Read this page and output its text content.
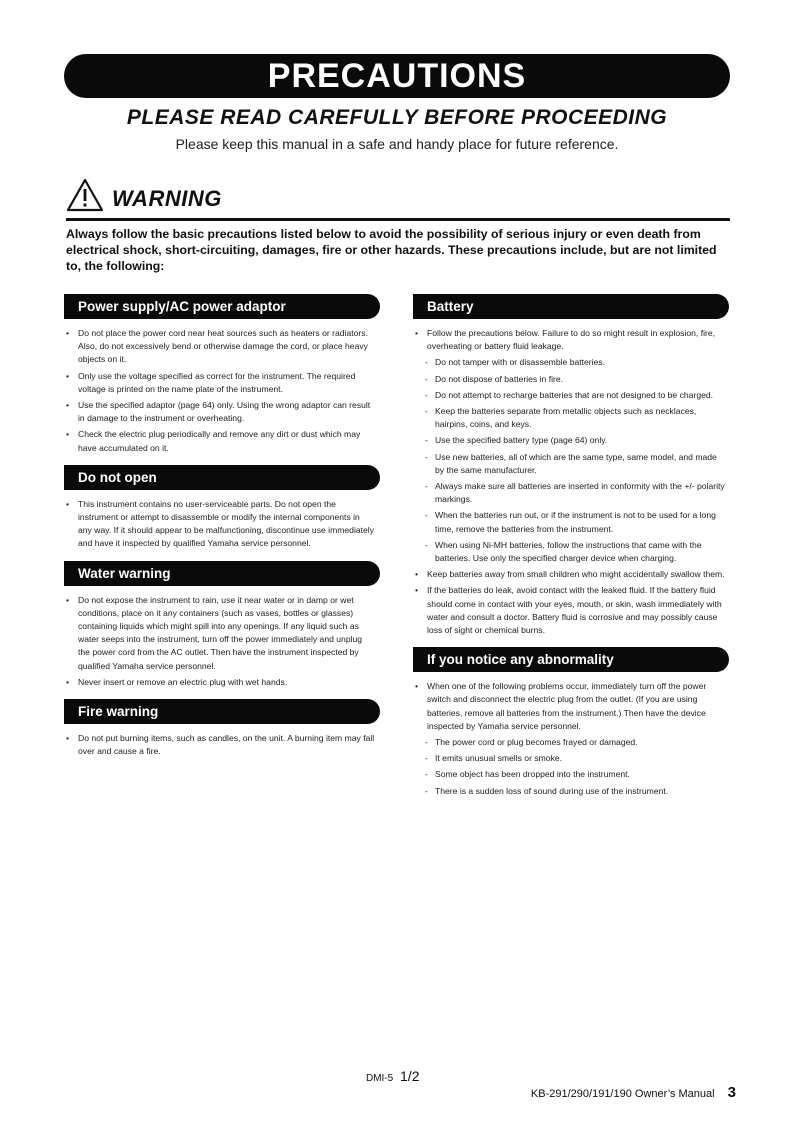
PRECAUTIONS
PLEASE READ CAREFULLY BEFORE PROCEEDING
Please keep this manual in a safe and handy place for future reference.
WARNING
Always follow the basic precautions listed below to avoid the possibility of serious injury or even death from electrical shock, short-circuiting, damages, fire or other hazards. These precautions include, but are not limited to, the following:
Power supply/AC power adaptor
• Do not place the power cord near heat sources such as heaters or radiators. Also, do not excessively bend or otherwise damage the cord, or place heavy objects on it.
• Only use the voltage specified as correct for the instrument. The required voltage is printed on the name plate of the instrument.
• Use the specified adaptor (page 64) only. Using the wrong adaptor can result in damage to the instrument or overheating.
• Check the electric plug periodically and remove any dirt or dust which may have accumulated on it.
Do not open
• This instrument contains no user-serviceable parts. Do not open the instrument or attempt to disassemble or modify the internal components in any way. If it should appear to be malfunctioning, discontinue use immediately and have it inspected by qualified Yamaha service personnel.
Water warning
• Do not expose the instrument to rain, use it near water or in damp or wet conditions, place on it any containers (such as vases, bottles or glasses) containing liquids which might spill into any openings. If any liquid such as water seeps into the instrument, turn off the power immediately and unplug the power cord from the AC outlet. Then have the instrument inspected by qualified Yamaha service personnel.
• Never insert or remove an electric plug with wet hands.
Fire warning
• Do not put burning items, such as candles, on the unit. A burning item may fall over and cause a fire.
Battery
• Follow the precautions below. Failure to do so might result in explosion, fire, overheating or battery fluid leakage.
- Do not tamper with or disassemble batteries.
- Do not dispose of batteries in fire.
- Do not attempt to recharge batteries that are not designed to be charged.
- Keep the batteries separate from metallic objects such as necklaces, hairpins, coins, and keys.
- Use the specified battery type (page 64) only.
- Use new batteries, all of which are the same type, same model, and made by the same manufacturer.
- Always make sure all batteries are inserted in conformity with the +/- polarity markings.
- When the batteries run out, or if the instrument is not to be used for a long time, remove the batteries from the instrument.
- When using Ni-MH batteries, follow the instructions that came with the batteries. Use only the specified charger device when charging.
• Keep batteries away from small children who might accidentally swallow them.
• If the batteries do leak, avoid contact with the leaked fluid. If the battery fluid should come in contact with your eyes, mouth, or skin, wash immediately with water and consult a doctor. Battery fluid is corrosive and may possibly cause loss of sight or chemical burns.
If you notice any abnormality
• When one of the following problems occur, immediately turn off the power switch and disconnect the electric plug from the outlet. (If you are using batteries, remove all batteries from the instrument.) Then have the device inspected by Yamaha service personnel.
- The power cord or plug becomes frayed or damaged.
- It emits unusual smells or smoke.
- Some object has been dropped into the instrument.
- There is a sudden loss of sound during use of the instrument.
DMI-5 1/2
KB-291/290/191/190 Owner’s Manual 3
